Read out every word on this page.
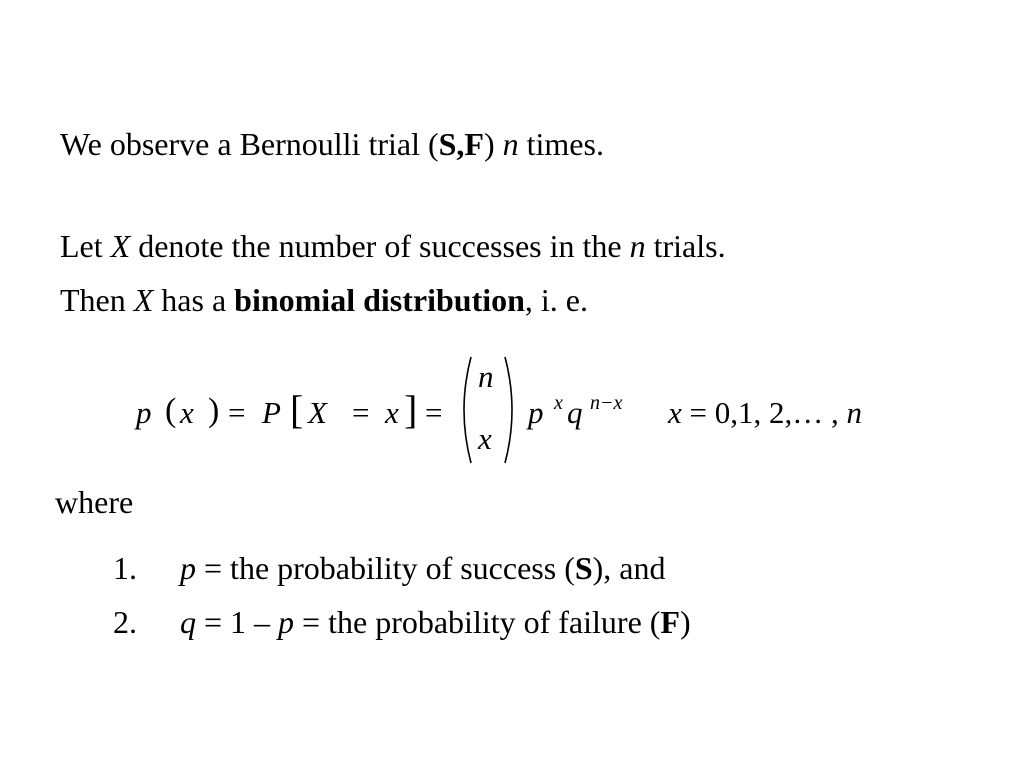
We observe a Bernoulli trial (S,F) n times.
Let X denote the number of successes in the n trials.
Then X has a binomial distribution, i. e.
p ( x ) = P [ X = x ] =
n
x
p x q n−x x = 0,1, 2,… , n
where
1. p = the probability of success (S), and
2. q = 1 – p = the probability of failure (F)
